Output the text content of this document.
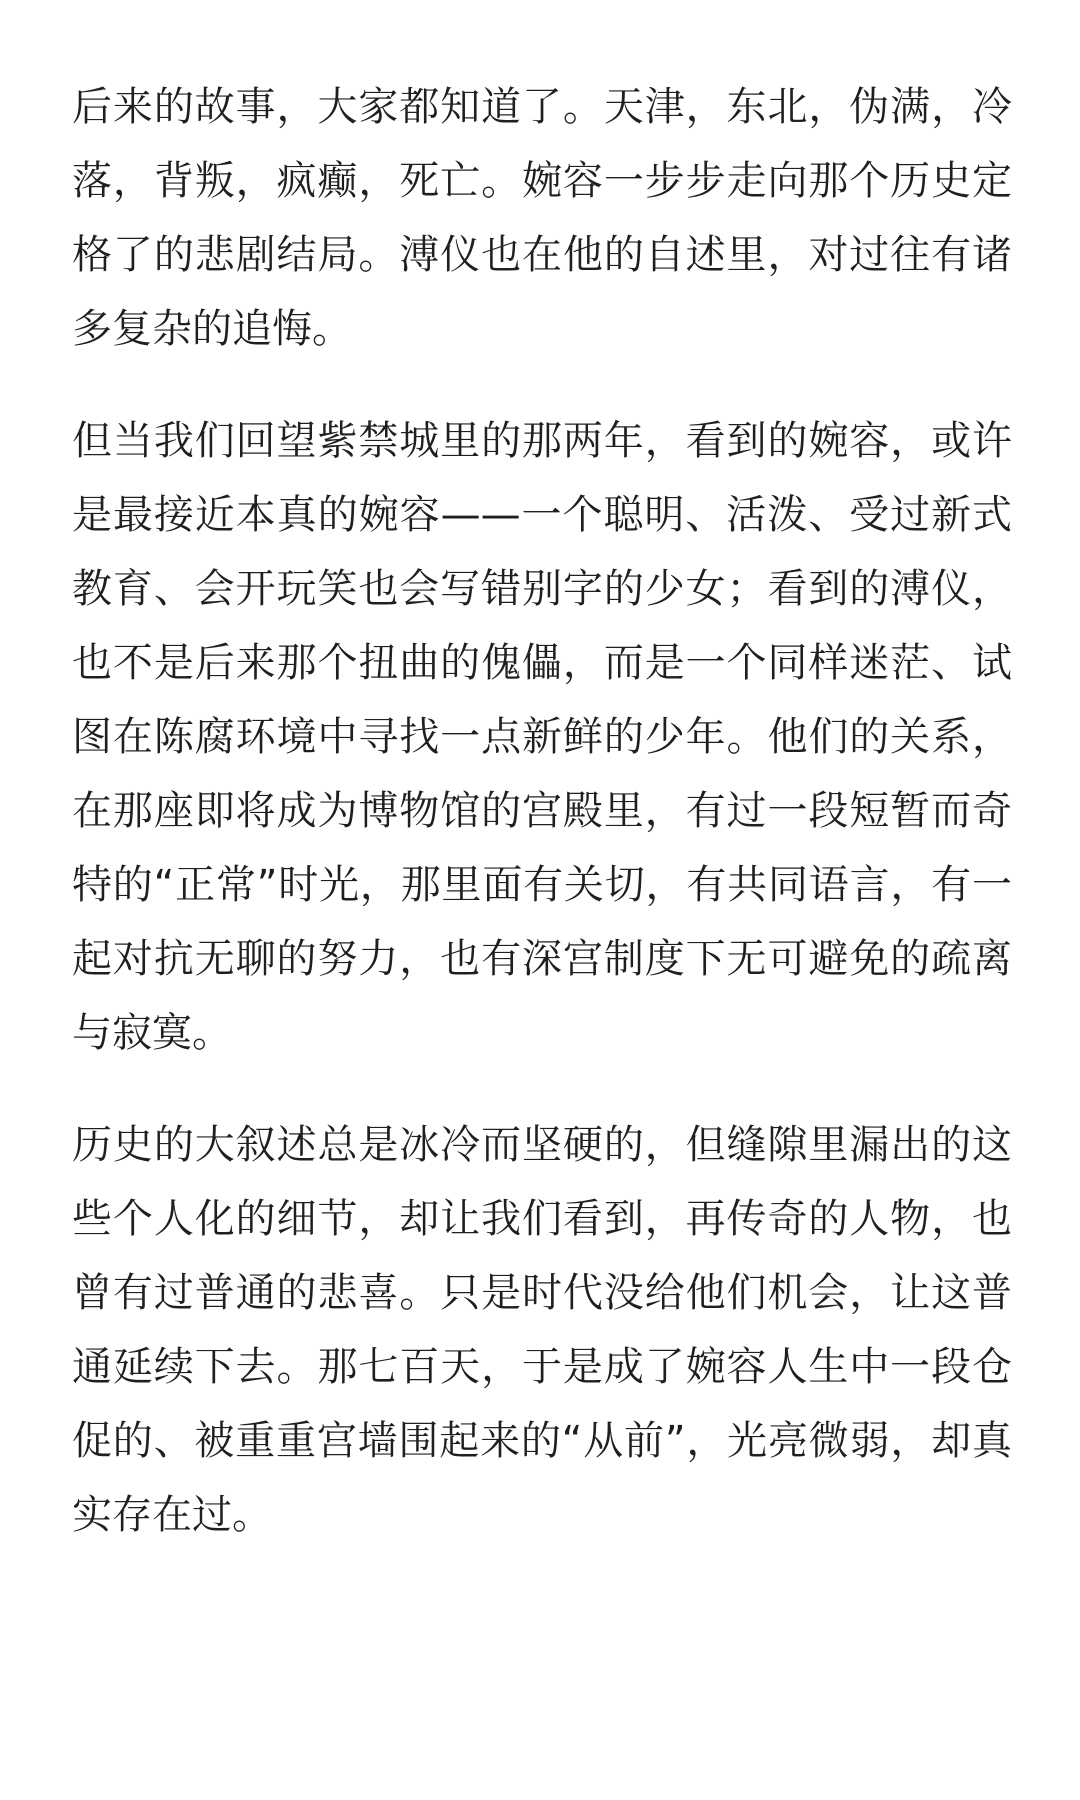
后来的故事，大家都知道了。天津，东北，伪满，冷落，背叛，疯癫，死亡。婉容一步步走向那个历史定格了的悲剧结局。溥仪也在他的自述里，对过往有诸多复杂的追悔。

但当我们回望紫禁城里的那两年，看到的婉容，或许是最接近本真的婉容——一个聪明、活泼、受过新式教育、会开玩笑也会写错别字的少女；看到的溥仪，也不是后来那个扭曲的傀儡，而是一个同样迷茫、试图在陈腐环境中寻找一点新鲜的少年。他们的关系，在那座即将成为博物馆的宫殿里，有过一段短暂而奇特的“正常”时光，那里面有关切，有共同语言，有一起对抗无聊的努力，也有深宫制度下无可避免的疏离与寂寞。

历史的大叙述总是冰冷而坚硬的，但缝隙里漏出的这些个人化的细节，却让我们看到，再传奇的人物，也曾有过普通的悲喜。只是时代没给他们机会，让这普通延续下去。那七百天，于是成了婉容人生中一段仓促的、被重重宫墙围起来的“从前”，光亮微弱，却真实存在过。
